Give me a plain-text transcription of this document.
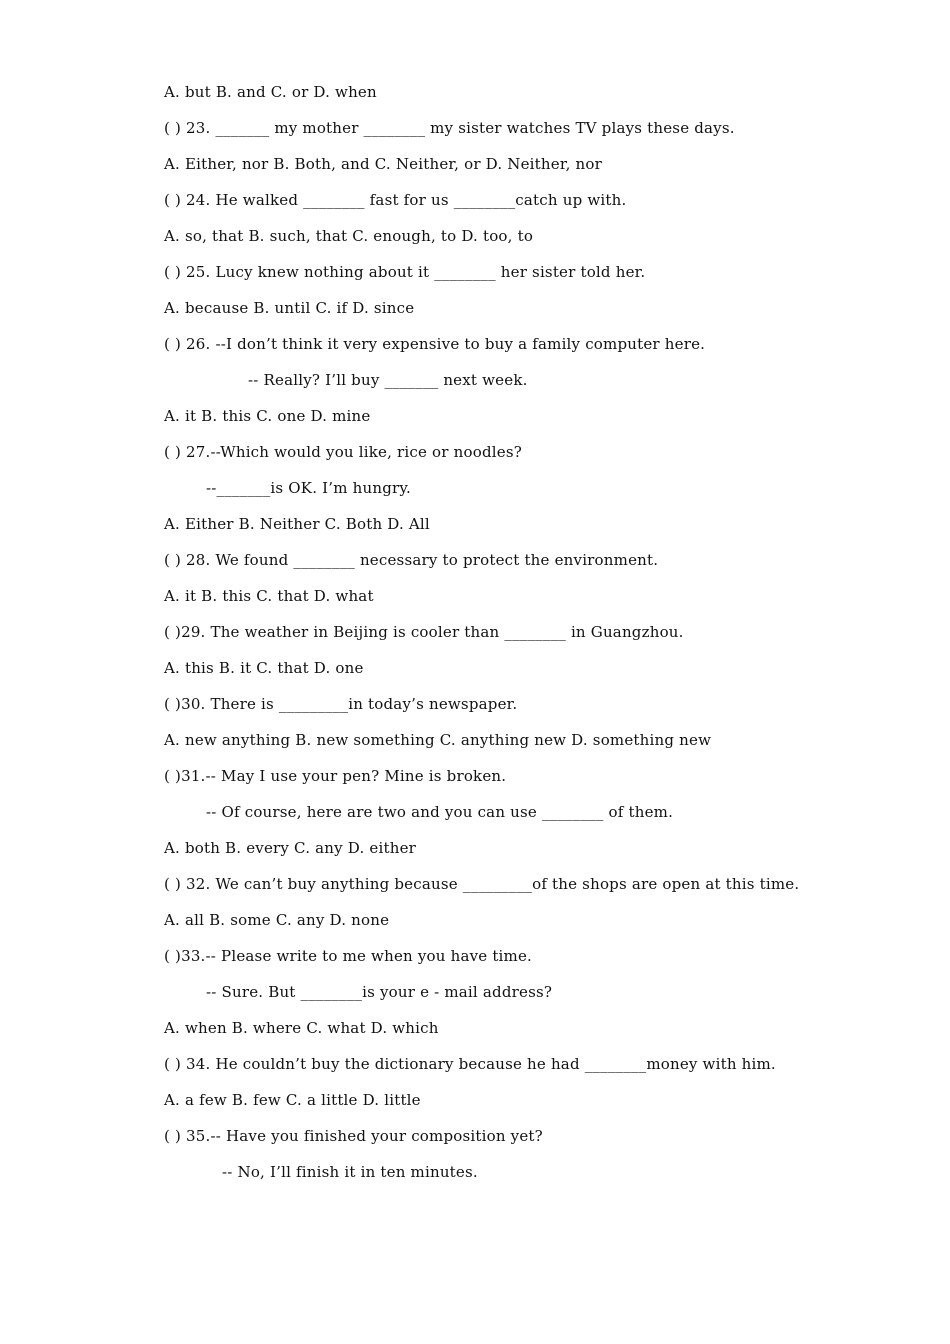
A. but B. and C. or D. when
( ) 23. _______ my mother ________ my sister watches TV plays these days.
A. Either, nor B. Both, and C. Neither, or D. Neither, nor
( ) 24. He walked ________ fast for us ________catch up with.
A. so, that B. such, that C. enough, to D. too, to
( ) 25. Lucy knew nothing about it ________ her sister told her.
A. because B. until C. if D. since
( ) 26. --I don’t think it very expensive to buy a family computer here.
-- Really? I’ll buy _______ next week.
A. it B. this C. one D. mine
( ) 27.--Which would you like, rice or noodles?
--_______is OK. I’m hungry.
A. Either B. Neither C. Both D. All
( ) 28. We found ________ necessary to protect the environment.
A. it B. this C. that D. what
( )29. The weather in Beijing is cooler than ________ in Guangzhou.
A. this B. it C. that D. one
( )30. There is _________in today’s newspaper.
A. new anything B. new something C. anything new D. something new
( )31.-- May I use your pen? Mine is broken.
-- Of course, here are two and you can use ________ of them.
A. both B. every C. any D. either
( ) 32. We can’t buy anything because _________of the shops are open at this time.
A. all B. some C. any D. none
( )33.-- Please write to me when you have time.
-- Sure. But ________is your e - mail address?
A. when B. where C. what D. which
( ) 34. He couldn’t buy the dictionary because he had ________money with him.
A. a few B. few C. a little D. little
( ) 35.-- Have you finished your composition yet?
-- No, I’ll finish it in ten minutes.
